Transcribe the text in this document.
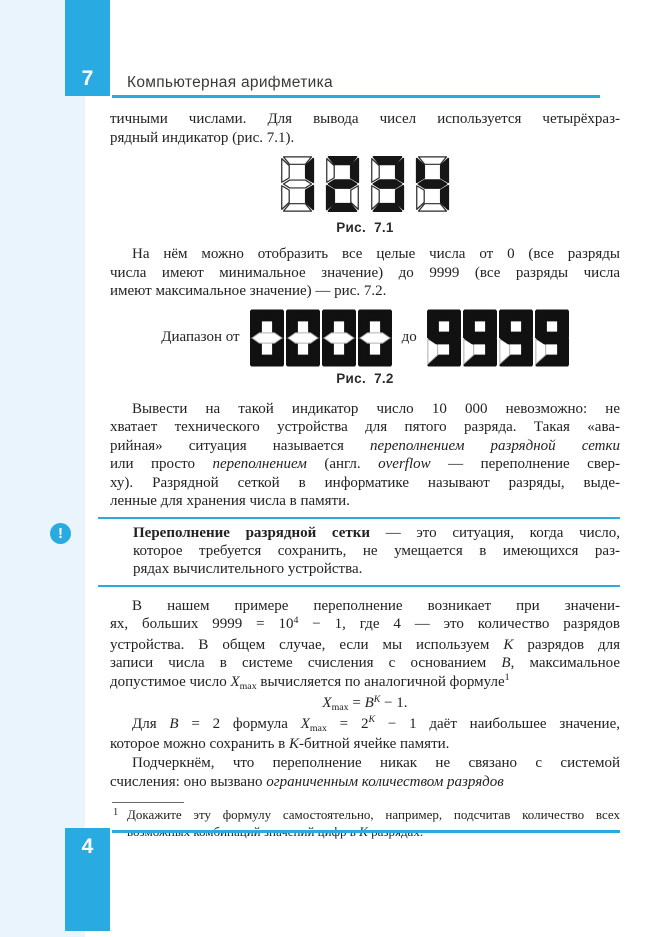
7 Компьютерная арифметика
тичными числами. Для вывода чисел используется четырёхраз-
рядный индикатор (рис. 7.1).
Рис. 7.1
На нём можно отобразить все целые числа от 0 (все разряды
числа имеют минимальное значение) до 9999 (все разряды числа
имеют максимальное значение) — рис. 7.2.
Диапазон от	до
Рис. 7.2
Вывести на такой индикатор число 10 000 невозможно: не
хватает технического устройства для пятого разряда. Такая «ава-
рийная» ситуация называется переполнением разрядной сетки
или просто переполнением (англ. overflow — переполнение свер-
ху). Разрядной сеткой в информатике называют разряды, выде-
ленные для хранения числа в памяти.
!	Переполнение разрядной сетки — это ситуация, когда число,
которое требуется сохранить, не умещается в имеющихся раз-
рядах вычислительного устройства.
В нашем примере переполнение возникает при значени-
ях, больших $9999 = 10^4 - 1$, где 4 — это количество разрядов
устройства. В общем случае, если мы используем K разрядов для
записи числа в системе счисления с основанием B, максимальное
допустимое число Xmax вычисляется по аналогичной формуле$^1$
$Xmax = B^K - 1$.
Для B = 2 формула $Xmax = 2^K - 1$ даёт наибольшее значение,
которое можно сохранить в K-битной ячейке памяти.
Подчеркнём, что переполнение никак не связано с системой
счисления: оно вызвано ограниченным количеством разрядов
1 Докажите эту формулу самостоятельно, например, подсчитав количество всех
4
